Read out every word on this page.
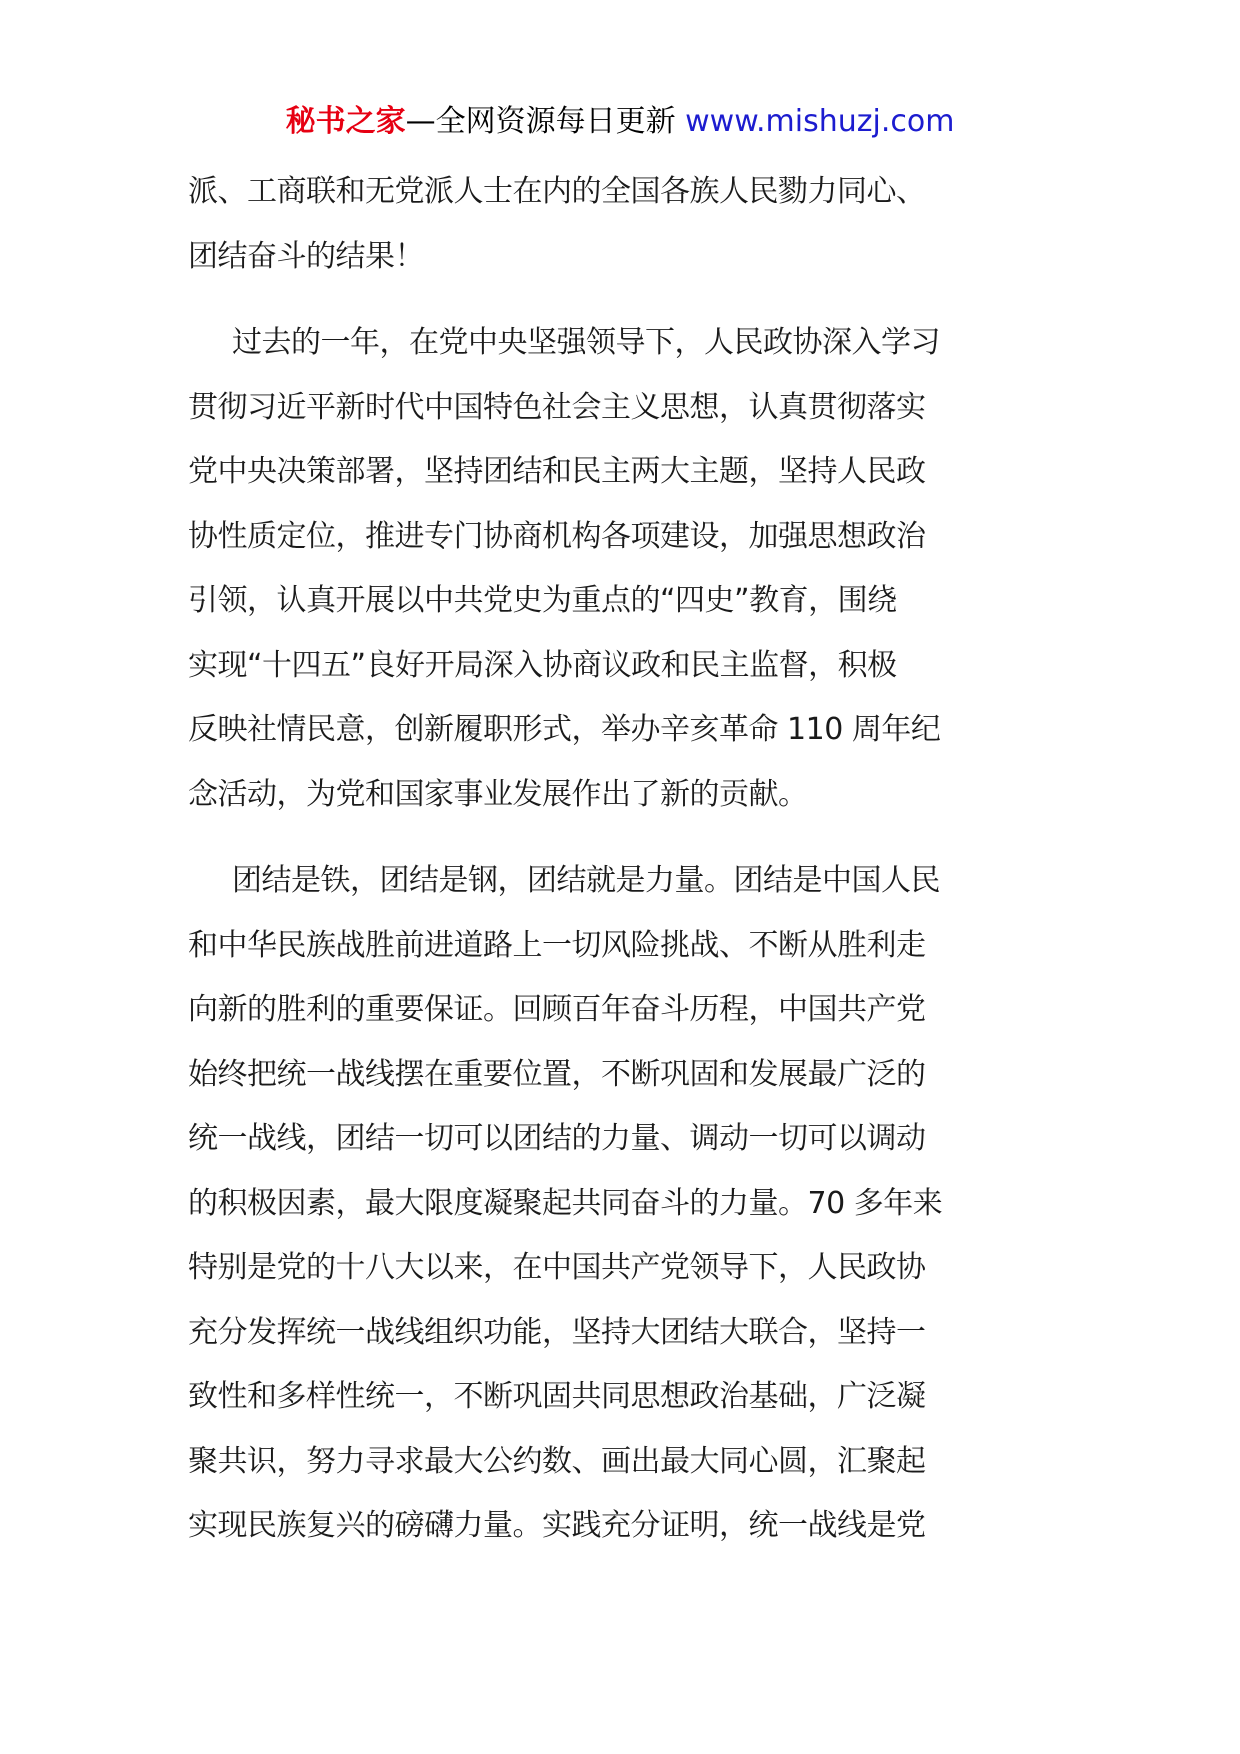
秘书之家—全网资源每日更新 www.mishuzj.com

派、工商联和无党派人士在内的全国各族人民勠力同心、
团结奋斗的结果！

过去的一年，在党中央坚强领导下，人民政协深入学习
贯彻习近平新时代中国特色社会主义思想，认真贯彻落实
党中央决策部署，坚持团结和民主两大主题，坚持人民政
协性质定位，推进专门协商机构各项建设，加强思想政治
引领，认真开展以中共党史为重点的“四史”教育，围绕
实现“十四五”良好开局深入协商议政和民主监督，积极
反映社情民意，创新履职形式，举办辛亥革命 110 周年纪
念活动，为党和国家事业发展作出了新的贡献。

团结是铁，团结是钢，团结就是力量。团结是中国人民
和中华民族战胜前进道路上一切风险挑战、不断从胜利走
向新的胜利的重要保证。回顾百年奋斗历程，中国共产党
始终把统一战线摆在重要位置，不断巩固和发展最广泛的
统一战线，团结一切可以团结的力量、调动一切可以调动
的积极因素，最大限度凝聚起共同奋斗的力量。70 多年来
特别是党的十八大以来，在中国共产党领导下，人民政协
充分发挥统一战线组织功能，坚持大团结大联合，坚持一
致性和多样性统一，不断巩固共同思想政治基础，广泛凝
聚共识，努力寻求最大公约数、画出最大同心圆，汇聚起
实现民族复兴的磅礴力量。实践充分证明，统一战线是党
